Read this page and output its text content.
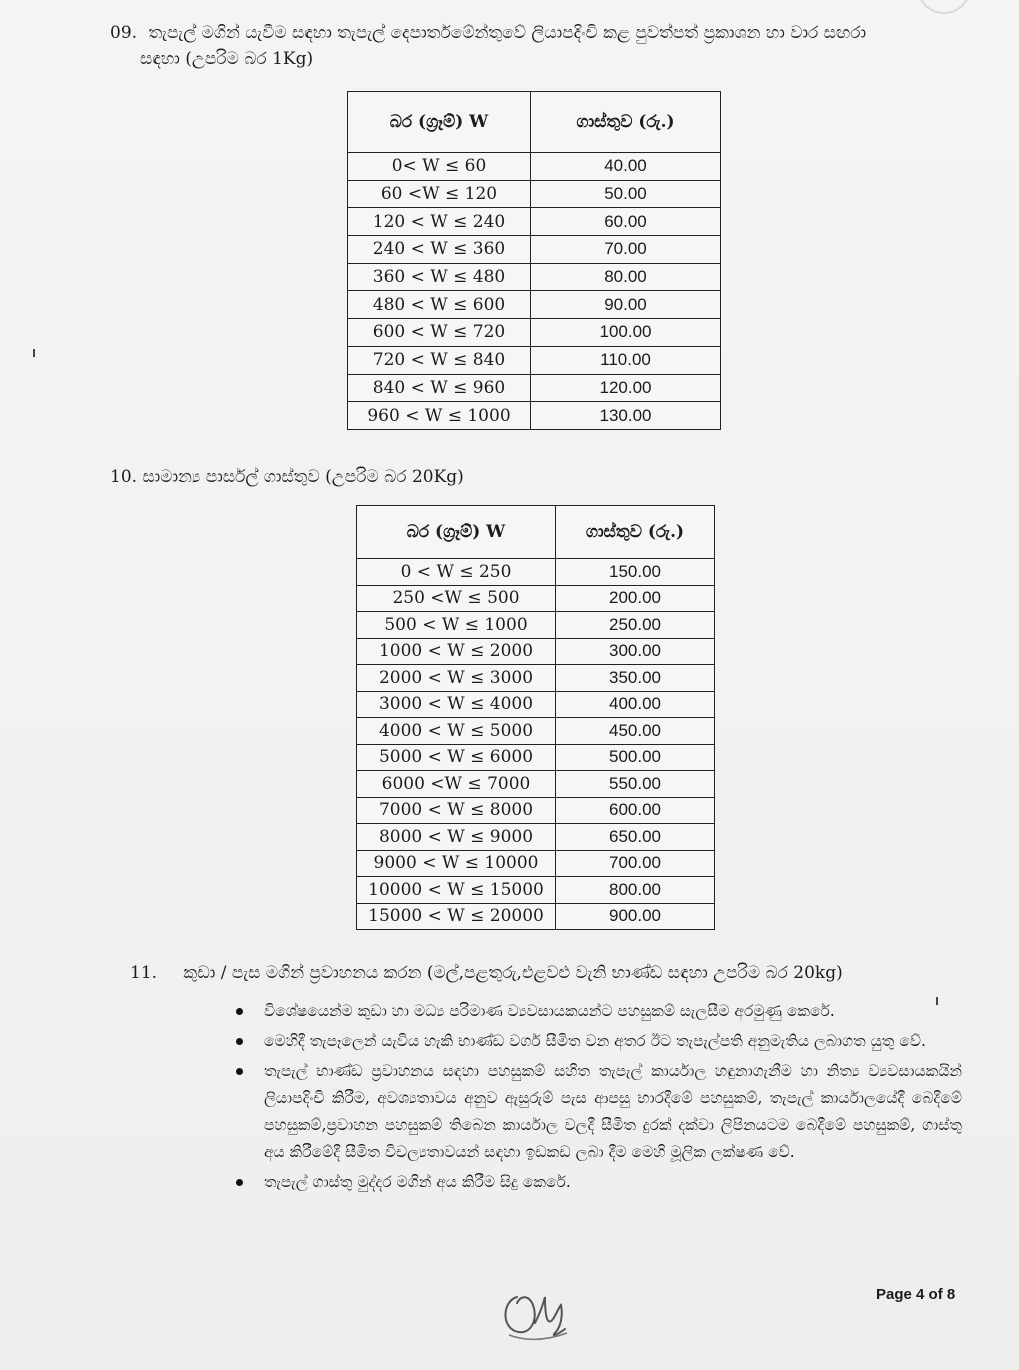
09. තැපැල් මගින් යැවීම සඳහා තැපැල් දෙපාර්තමේන්තුවේ ලියාපදිංචි කළ පුවත්පත් ප්‍රකාශන හා වාර සඟරා
සඳහා (උපරිම බර 1Kg)
බර (ග්‍රෑම්) W	ගාස්තුව (රු.)
0< W ≤ 60	40.00
60 <W ≤ 120	50.00
120 < W ≤ 240	60.00
240 < W ≤ 360	70.00
360 < W ≤ 480	80.00
480 < W ≤ 600	90.00
600 < W ≤ 720	100.00
720 < W ≤ 840	110.00
840 < W ≤ 960	120.00
960 < W ≤ 1000	130.00
10. සාමාන්‍ය පාර්සල් ගාස්තුව (උපරිම බර 20Kg)
බර (ග්‍රෑම්) W	ගාස්තුව (රු.)
0 < W ≤ 250	150.00
250 <W ≤ 500	200.00
500 < W ≤ 1000	250.00
1000 < W ≤ 2000	300.00
2000 < W ≤ 3000	350.00
3000 < W ≤ 4000	400.00
4000 < W ≤ 5000	450.00
5000 < W ≤ 6000	500.00
6000 <W ≤ 7000	550.00
7000 < W ≤ 8000	600.00
8000 < W ≤ 9000	650.00
9000 < W ≤ 10000	700.00
10000 < W ≤ 15000	800.00
15000 < W ≤ 20000	900.00
11. කුඩා / පැස මගින් ප්‍රවාහනය කරන (මල්,පළතුරු,එළවළු වැනි භාණ්ඩ සඳහා උපරිම බර 20kg)
විශේෂයෙන්ම කුඩා හා මධ්‍ය පරිමාණ ව්‍යවසායකයන්ට පහසුකම් සැලසීම අරමුණු කෙරේ.
මෙහිදී තැපෑලෙන් යැවිය හැකි භාණ්ඩ වර්ග සීමිත වන අතර ඊට තැපැල්පති අනුමැතිය ලබාගත යුතු වේ.
තැපැල් භාණ්ඩ ප්‍රවාහනය සඳහා පහසුකම් සහිත තැපැල් කාර්යාල හඳුනාගැනීම හා නිත්‍ය ව්‍යවසායකයින් ලියාපදිංචි කිරීම, අවශ්‍යතාවය අනුව ඇසුරුම් පැස ආපසු භාරදීමේ පහසුකම්, තැපැල් කාර්යාලයේදී බෙදීමේ පහසුකම්,ප්‍රවාහන පහසුකම් තිබෙන කාර්යාල වලදී සීමිත දුරක් දක්වා ලිපිනයටම බෙදීමේ පහසුකම්, ගාස්තු අය කිරීමේදී සීමිත විචල්‍යතාවයන් සඳහා ඉඩකඩ ලබා දීම මෙහි මූලික ලක්ෂණ වේ.
තැපැල් ගාස්තු මුද්දර මගින් අය කිරීම සිදු කෙරේ.
Page 4 of 8
